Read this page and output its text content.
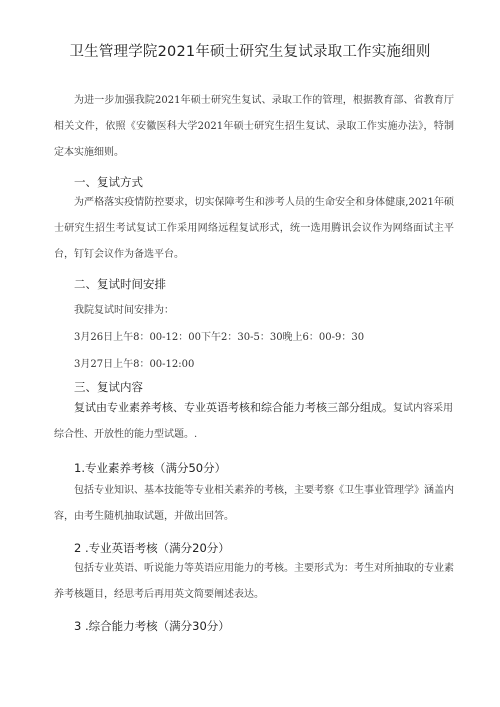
卫生管理学院2021年硕士研究生复试录取工作实施细则
为进一步加强我院2021年硕士研究生复试、录取工作的管理，根据教育部、省教育厅相关文件，依照《安徽医科大学2021年硕士研究生招生复试、录取工作实施办法》，特制定本实施细则。
一、复试方式
为严格落实疫情防控要求，切实保障考生和涉考人员的生命安全和身体健康,2021年硕士研究生招生考试复试工作采用网络远程复试形式，统一选用腾讯会议作为网络面试主平台，钉钉会议作为备选平台。
二、复试时间安排
我院复试时间安排为：
3月26日上午8：00-12：00下午2：30-5：30晚上6：00-9：30
3月27日上午8：00-12:00
三、复试内容
复试由专业素养考核、专业英语考核和综合能力考核三部分组成。复试内容采用综合性、开放性的能力型试题。.
1.专业素养考核（满分50分）
包括专业知识、基本技能等专业相关素养的考核，主要考察《卫生事业管理学》涵盖内容，由考生随机抽取试题，并做出回答。
2 .专业英语考核（满分20分）
包括专业英语、听说能力等英语应用能力的考核。主要形式为：考生对所抽取的专业素养考核题目，经思考后再用英文简要阐述表达。
3 .综合能力考核（满分30分）
